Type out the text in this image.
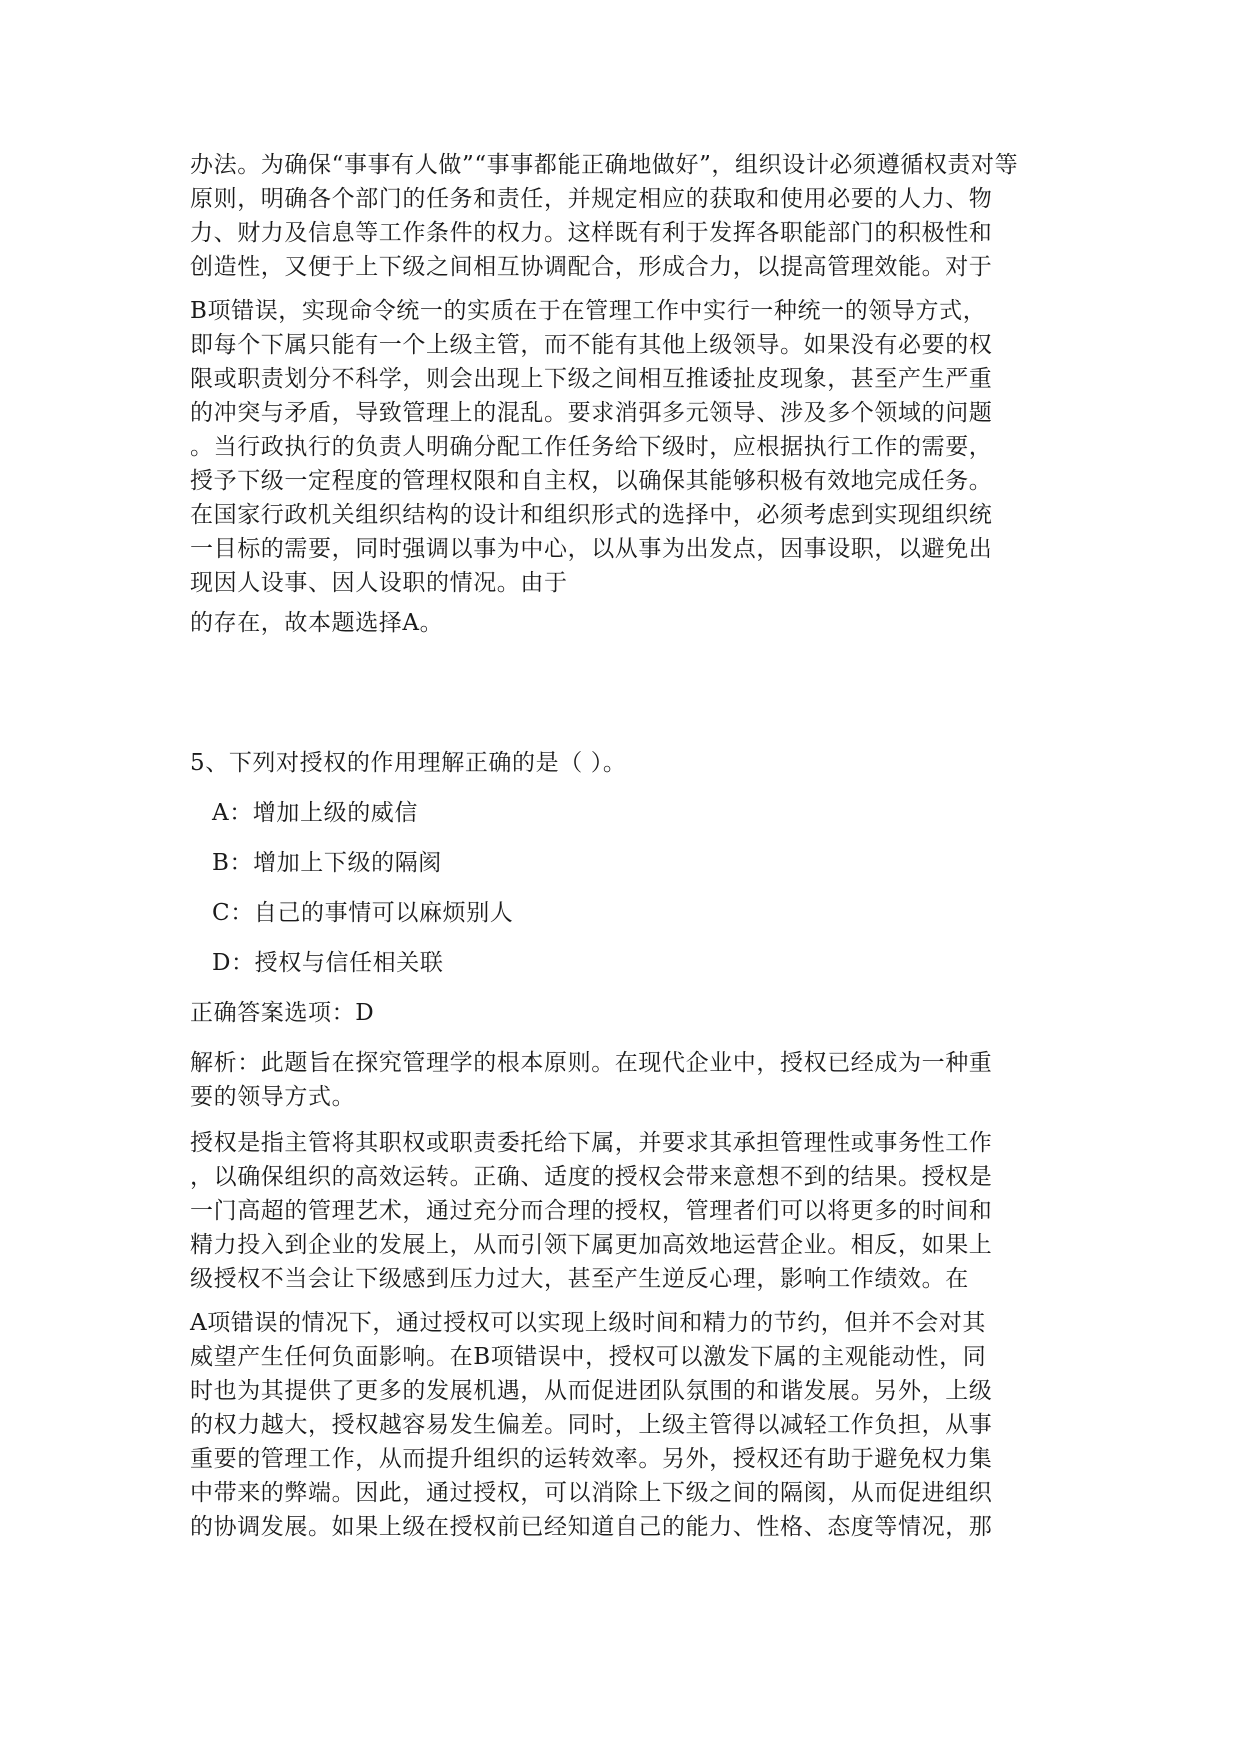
办法。为确保“事事有人做”“事事都能正确地做好”，组织设计必须遵循权责对等
原则，明确各个部门的任务和责任，并规定相应的获取和使用必要的人力、物
力、财力及信息等工作条件的权力。这样既有利于发挥各职能部门的积极性和
创造性，又便于上下级之间相互协调配合，形成合力，以提高管理效能。对于

B项错误，实现命令统一的实质在于在管理工作中实行一种统一的领导方式，
即每个下属只能有一个上级主管，而不能有其他上级领导。如果没有必要的权
限或职责划分不科学，则会出现上下级之间相互推诿扯皮现象，甚至产生严重
的冲突与矛盾，导致管理上的混乱。要求消弭多元领导、涉及多个领域的问题
。当行政执行的负责人明确分配工作任务给下级时，应根据执行工作的需要，
授予下级一定程度的管理权限和自主权，以确保其能够积极有效地完成任务。
在国家行政机关组织结构的设计和组织形式的选择中，必须考虑到实现组织统
一目标的需要，同时强调以事为中心，以从事为出发点，因事设职，以避免出
现因人设事、因人设职的情况。由于

的存在，故本题选择A。

5、下列对授权的作用理解正确的是（ ）。

A：增加上级的威信

B：增加上下级的隔阂

C：自己的事情可以麻烦别人

D：授权与信任相关联

正确答案选项：D

解析：此题旨在探究管理学的根本原则。在现代企业中，授权已经成为一种重
要的领导方式。

授权是指主管将其职权或职责委托给下属，并要求其承担管理性或事务性工作
，以确保组织的高效运转。正确、适度的授权会带来意想不到的结果。授权是
一门高超的管理艺术，通过充分而合理的授权，管理者们可以将更多的时间和
精力投入到企业的发展上，从而引领下属更加高效地运营企业。相反，如果上
级授权不当会让下级感到压力过大，甚至产生逆反心理，影响工作绩效。在

A项错误的情况下，通过授权可以实现上级时间和精力的节约，但并不会对其
威望产生任何负面影响。在B项错误中，授权可以激发下属的主观能动性，同
时也为其提供了更多的发展机遇，从而促进团队氛围的和谐发展。另外，上级
的权力越大，授权越容易发生偏差。同时，上级主管得以减轻工作负担，从事
重要的管理工作，从而提升组织的运转效率。另外，授权还有助于避免权力集
中带来的弊端。因此，通过授权，可以消除上下级之间的隔阂，从而促进组织
的协调发展。如果上级在授权前已经知道自己的能力、性格、态度等情况，那
